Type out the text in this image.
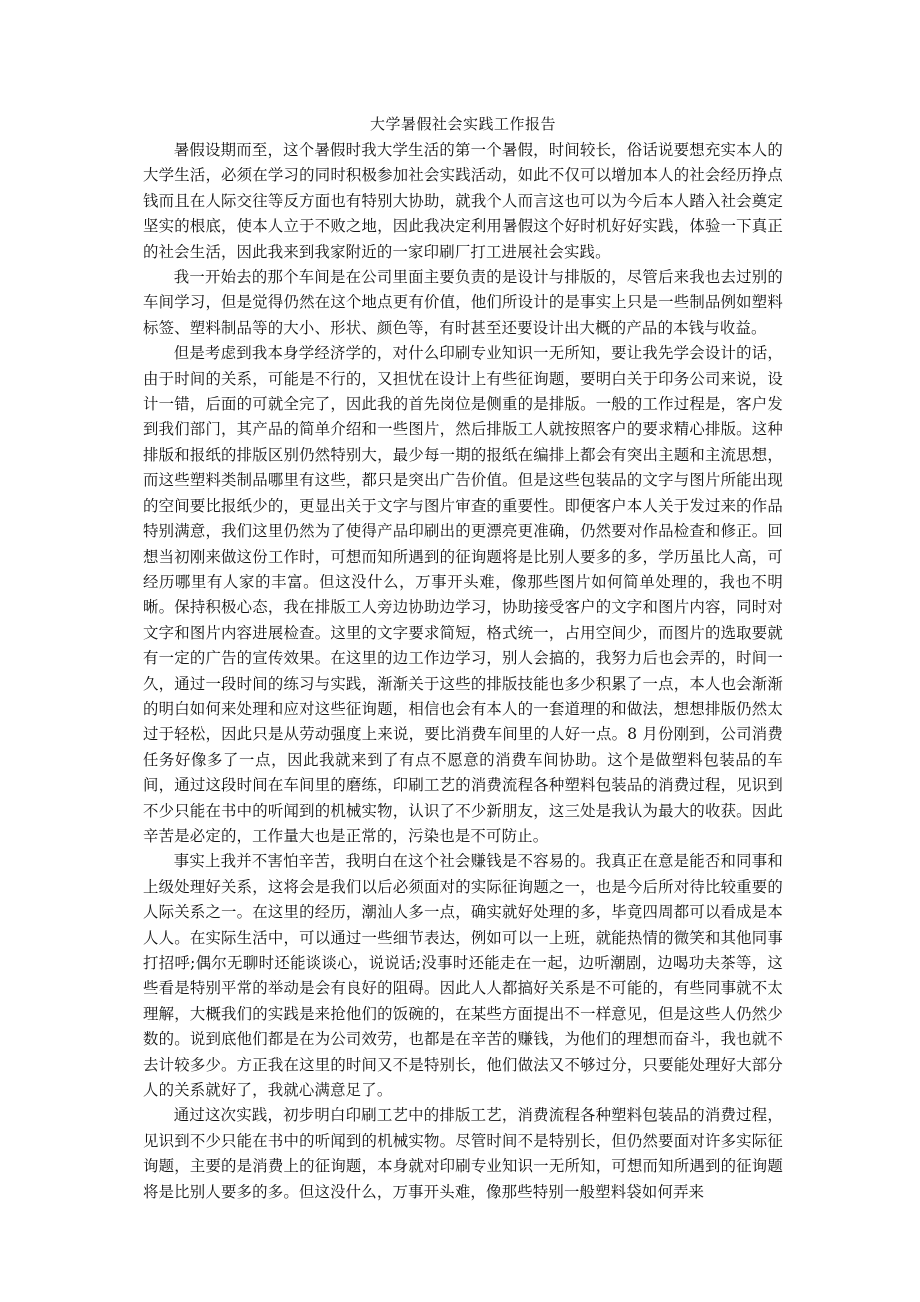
大学暑假社会实践工作报告

暑假设期而至，这个暑假时我大学生活的第一个暑假，时间较长，俗话说要想充实本人的大学生活，必须在学习的同时积极参加社会实践活动，如此不仅可以增加本人的社会经历挣点钱而且在人际交往等反方面也有特别大协助，就我个人而言这也可以为今后本人踏入社会奠定坚实的根底，使本人立于不败之地，因此我决定利用暑假这个好时机好好实践，体验一下真正的社会生活，因此我来到我家附近的一家印刷厂打工进展社会实践。

我一开始去的那个车间是在公司里面主要负责的是设计与排版的，尽管后来我也去过别的车间学习，但是觉得仍然在这个地点更有价值，他们所设计的是事实上只是一些制品例如塑料标签、塑料制品等的大小、形状、颜色等，有时甚至还要设计出大概的产品的本钱与收益。

但是考虑到我本身学经济学的，对什么印刷专业知识一无所知，要让我先学会设计的话，由于时间的关系，可能是不行的，又担忧在设计上有些征询题，要明白关于印务公司来说，设计一错，后面的可就全完了，因此我的首先岗位是侧重的是排版。一般的工作过程是，客户发到我们部门，其产品的简单介绍和一些图片，然后排版工人就按照客户的要求精心排版。这种排版和报纸的排版区别仍然特别大，最少每一期的报纸在编排上都会有突出主题和主流思想，而这些塑料类制品哪里有这些，都只是突出广告价值。但是这些包装品的文字与图片所能出现的空间要比报纸少的，更显出关于文字与图片审查的重要性。即便客户本人关于发过来的作品特别满意，我们这里仍然为了使得产品印刷出的更漂亮更准确，仍然要对作品检查和修正。回想当初刚来做这份工作时，可想而知所遇到的征询题将是比别人要多的多，学历虽比人高，可经历哪里有人家的丰富。但这没什么，万事开头难，像那些图片如何简单处理的，我也不明晰。保持积极心态，我在排版工人旁边协助边学习，协助接受客户的文字和图片内容，同时对文字和图片内容进展检查。这里的文字要求简短，格式统一，占用空间少，而图片的选取要就有一定的广告的宣传效果。在这里的边工作边学习，别人会搞的，我努力后也会弄的，时间一久，通过一段时间的练习与实践，渐渐关于这些的排版技能也多少积累了一点，本人也会渐渐的明白如何来处理和应对这些征询题，相信也会有本人的一套道理的和做法，想想排版仍然太过于轻松，因此只是从劳动强度上来说，要比消费车间里的人好一点。8 月份刚到，公司消费任务好像多了一点，因此我就来到了有点不愿意的消费车间协助。这个是做塑料包装品的车间，通过这段时间在车间里的磨练，印刷工艺的消费流程各种塑料包装品的消费过程，见识到不少只能在书中的听闻到的机械实物，认识了不少新朋友，这三处是我认为最大的收获。因此辛苦是必定的，工作量大也是正常的，污染也是不可防止。

事实上我并不害怕辛苦，我明白在这个社会赚钱是不容易的。我真正在意是能否和同事和上级处理好关系，这将会是我们以后必须面对的实际征询题之一，也是今后所对待比较重要的人际关系之一。在这里的经历，潮汕人多一点，确实就好处理的多，毕竟四周都可以看成是本人人。在实际生活中，可以通过一些细节表达，例如可以一上班，就能热情的微笑和其他同事打招呼;偶尔无聊时还能谈谈心，说说话;没事时还能走在一起，边听潮剧，边喝功夫茶等，这些看是特别平常的举动是会有良好的阻碍。因此人人都搞好关系是不可能的，有些同事就不太理解，大概我们的实践是来抢他们的饭碗的，在某些方面提出不一样意见，但是这些人仍然少数的。说到底他们都是在为公司效劳，也都是在辛苦的赚钱，为他们的理想而奋斗，我也就不去计较多少。方正我在这里的时间又不是特别长，他们做法又不够过分，只要能处理好大部分人的关系就好了，我就心满意足了。

通过这次实践，初步明白印刷工艺中的排版工艺，消费流程各种塑料包装品的消费过程，见识到不少只能在书中的听闻到的机械实物。尽管时间不是特别长，但仍然要面对许多实际征询题，主要的是消费上的征询题，本身就对印刷专业知识一无所知，可想而知所遇到的征询题将是比别人要多的多。但这没什么，万事开头难，像那些特别一般塑料袋如何弄来
